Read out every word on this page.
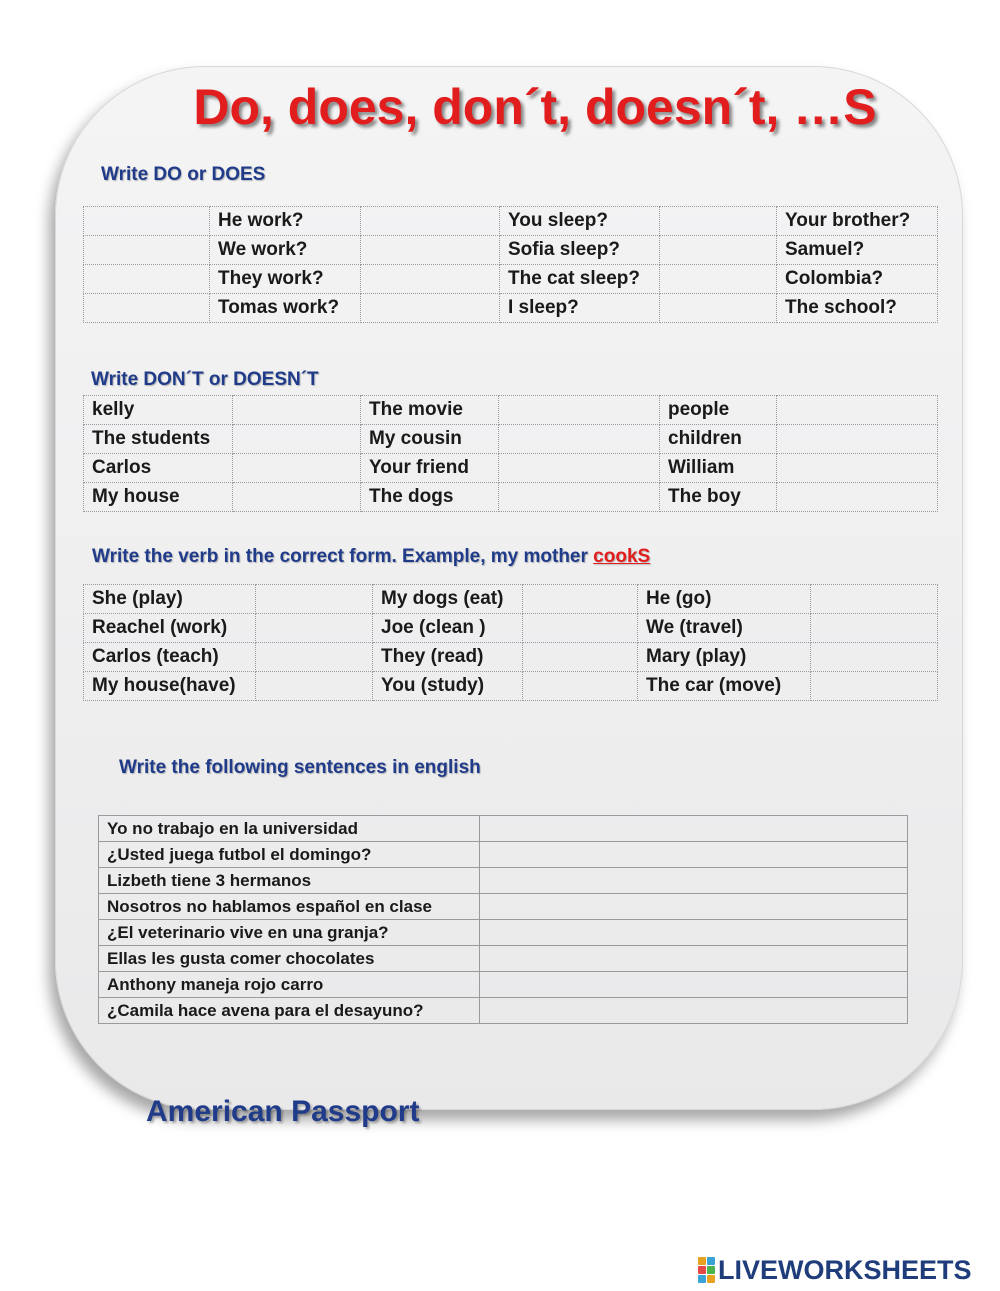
Do, does, don´t, doesn´t, …S

Write DO or DOES

	He work?		You sleep?		Your brother?
	We work?		Sofia sleep?		Samuel?
	They work?		The cat sleep?		Colombia?
	Tomas work?		I sleep?		The school?

Write DON´T or DOESN´T

kelly		The movie		people	
The students		My cousin		children	
Carlos		Your friend		William	
My house		The dogs		The boy	

Write the verb in the correct form. Example, my mother cookS

She (play)		My dogs (eat)		He (go)	
Reachel (work)		Joe (clean )		We (travel)	
Carlos (teach)		They (read)		Mary (play)	
My house(have)		You (study)		The car (move)	

Write the following sentences in english

Yo no trabajo en la universidad	
¿Usted juega futbol el domingo?	
Lizbeth tiene 3 hermanos	
Nosotros no hablamos español en clase	
¿El veterinario vive en una granja?	
Ellas les gusta comer chocolates	
Anthony maneja rojo carro	
¿Camila hace avena para el desayuno?	

American Passport

LIVEWORKSHEETS
